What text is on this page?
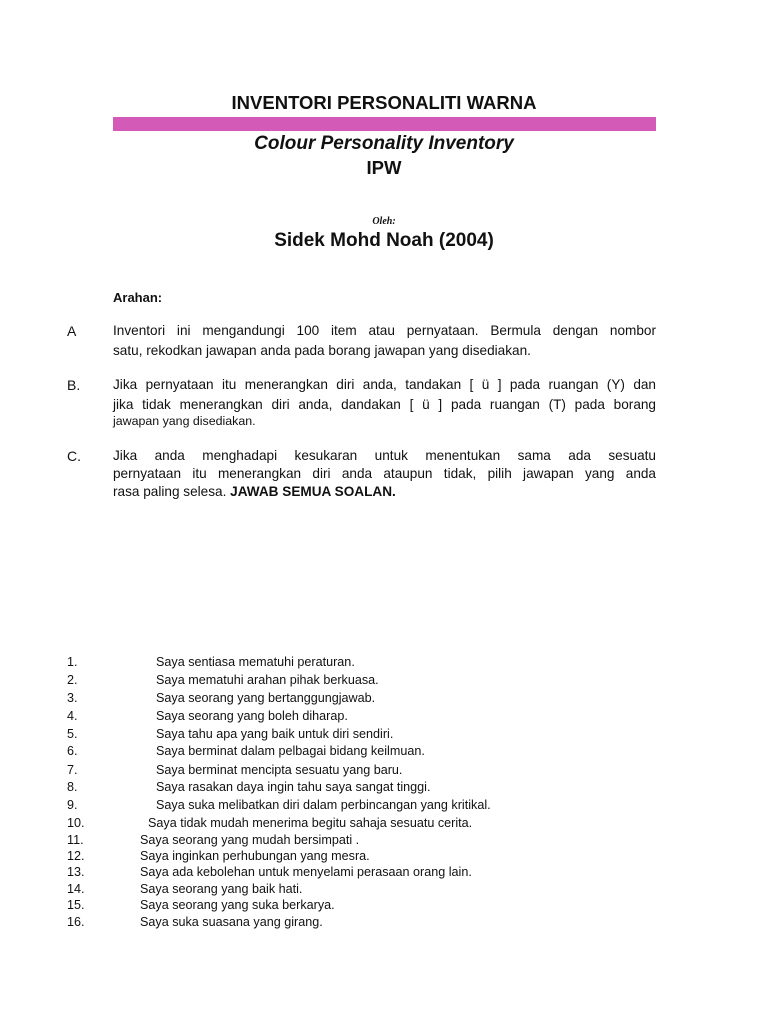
INVENTORI PERSONALITI WARNA
Colour Personality Inventory
IPW
Oleh:
Sidek Mohd Noah (2004)
Arahan:
A	Inventori ini mengandungi 100 item atau pernyataan. Bermula dengan nombor
satu, rekodkan jawapan anda pada borang jawapan yang disediakan.
B. Jika pernyataan itu menerangkan diri anda, tandakan [ ü ] pada ruangan (Y) dan
jika tidak menerangkan diri anda, dandakan [ ü ] pada ruangan (T) pada borang
jawapan yang disediakan.
C. Jika anda menghadapi kesukaran untuk menentukan sama ada sesuatu
pernyataan itu menerangkan diri anda ataupun tidak, pilih jawapan yang anda
rasa paling selesa. JAWAB SEMUA SOALAN.
1.	Saya sentiasa mematuhi peraturan.
2.	Saya mematuhi arahan pihak berkuasa.
3.	Saya seorang yang bertanggungjawab.
4.	Saya seorang yang boleh diharap.
5.	Saya tahu apa yang baik untuk diri sendiri.
6.	Saya berminat dalam pelbagai bidang keilmuan.
7.	Saya berminat mencipta sesuatu yang baru.
8.	Saya rasakan daya ingin tahu saya sangat tinggi.
9.	Saya suka melibatkan diri dalam perbincangan yang kritikal.
10.	Saya tidak mudah menerima begitu sahaja sesuatu cerita.
11.	Saya seorang yang mudah bersimpati .
12.	Saya inginkan perhubungan yang mesra.
13.	Saya ada kebolehan untuk menyelami perasaan orang lain.
14.	Saya seorang yang baik hati.
15.	Saya seorang yang suka berkarya.
16.	Saya suka suasana yang girang.
